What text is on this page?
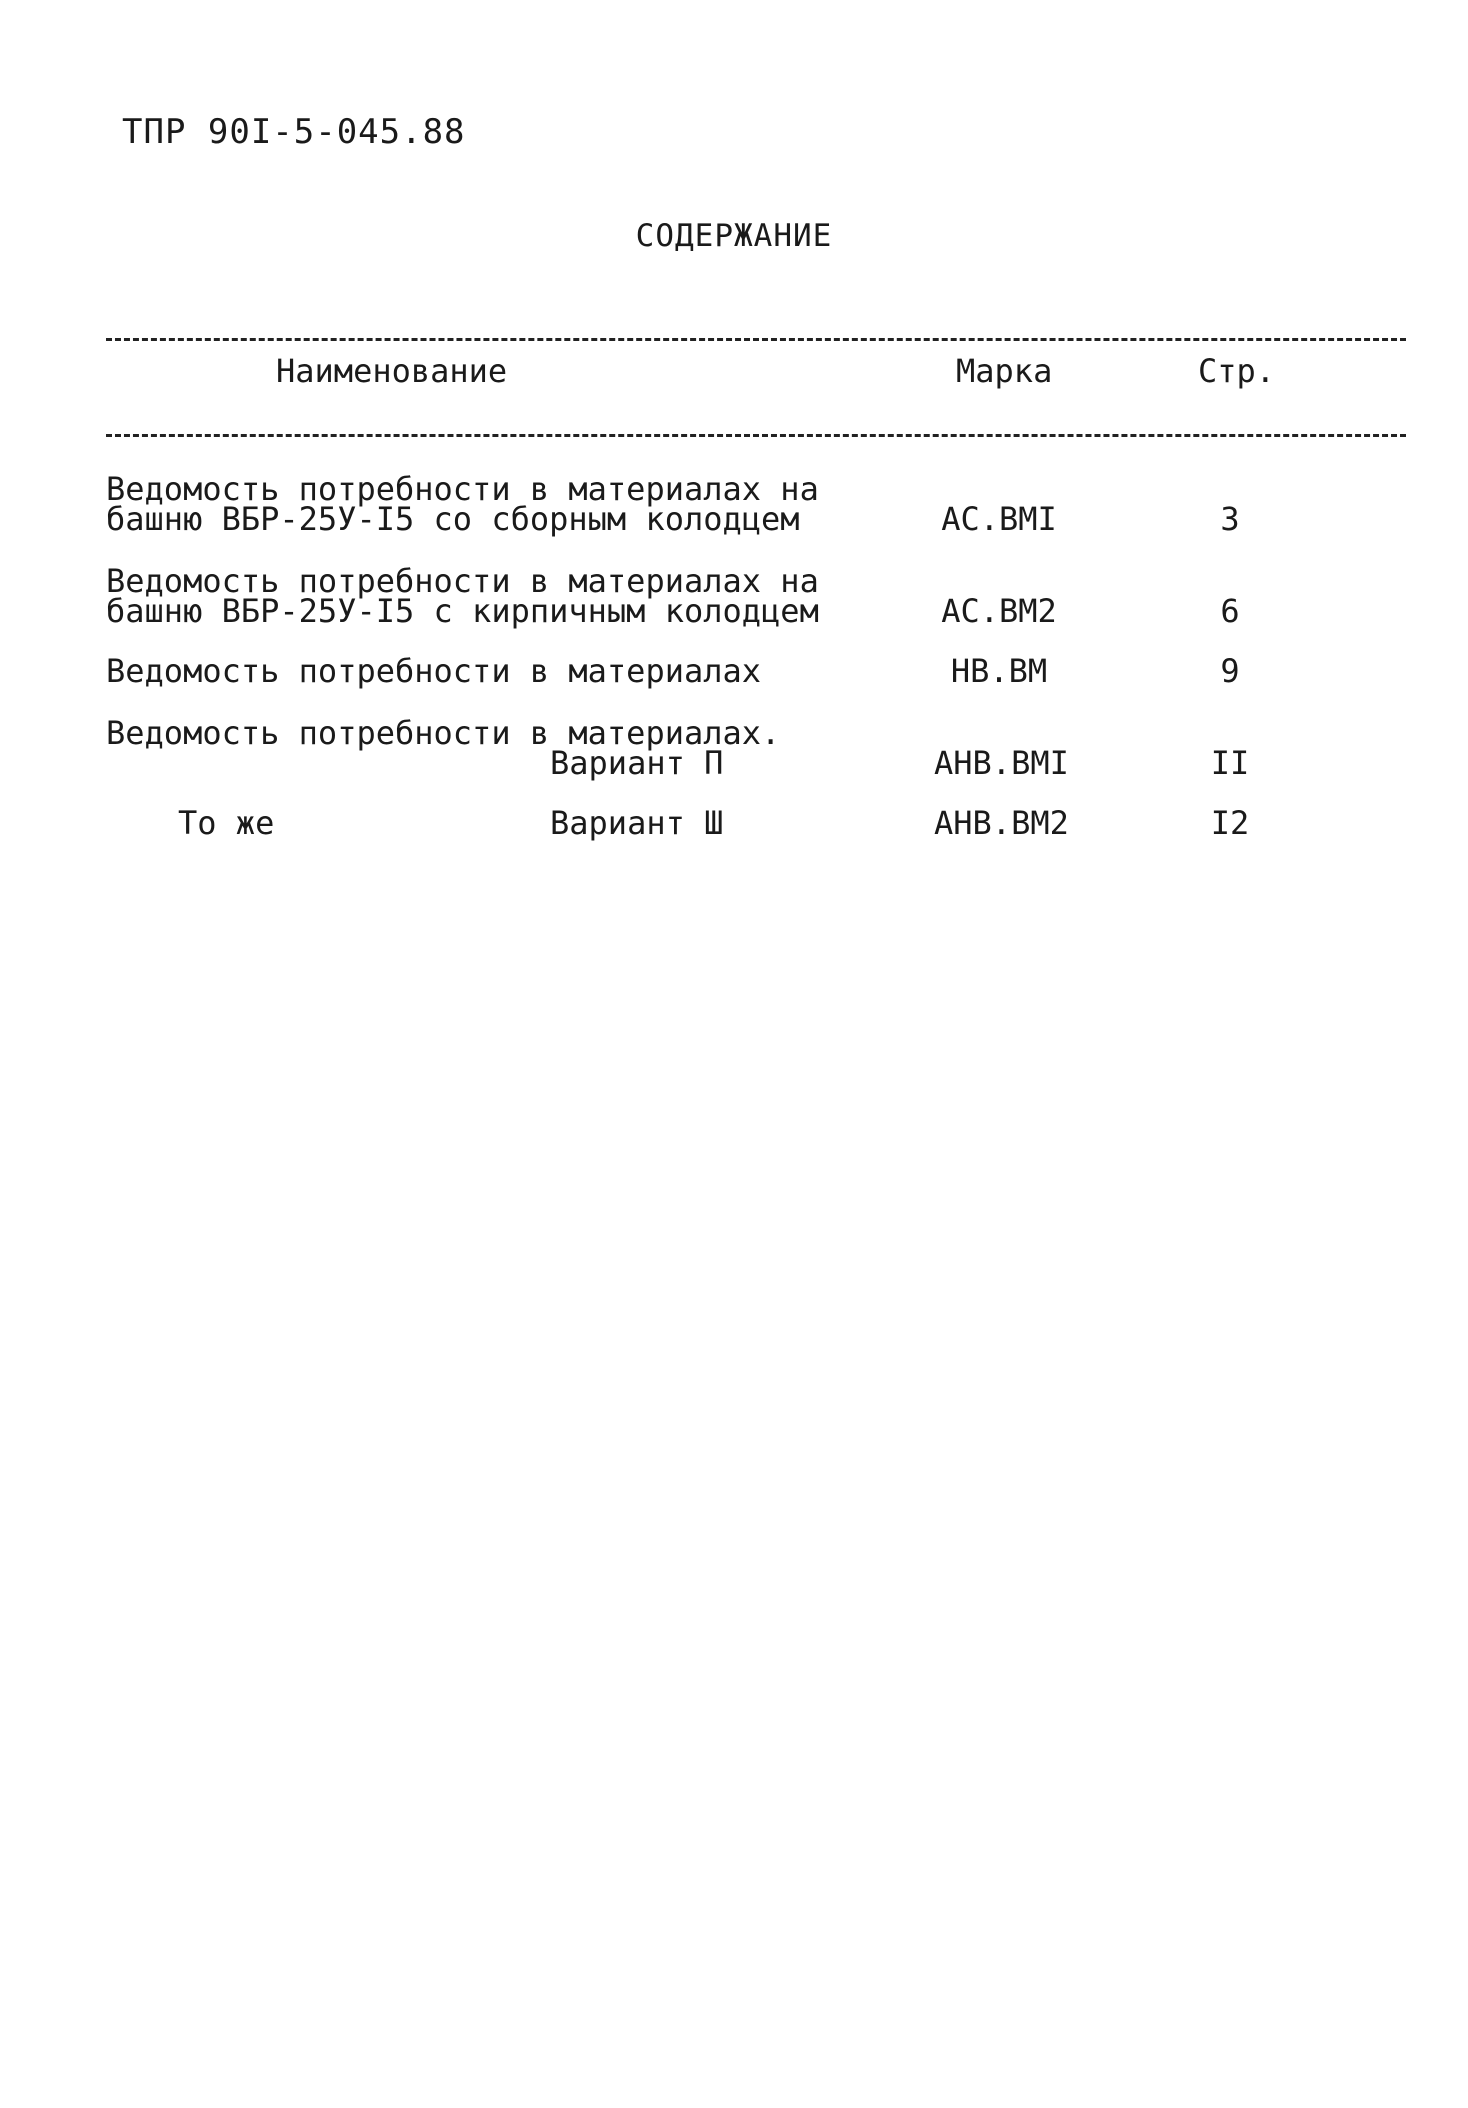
ТПР 90I-5-045.88
СОДЕРЖАНИЕ
Наименование	Марка	Стр.
Ведомость потребности в материалах на
башню ВБР-25У-I5 со сборным колодцем	АС.ВМI	3
Ведомость потребности в материалах на
башню ВБР-25У-I5 с кирпичным колодцем	АС.ВМ2	6
Ведомость потребности в материалах	НВ.ВМ	9
Ведомость потребности в материалах.
Вариант П	АНВ.ВМI	II
То же	Вариант Ш	АНВ.ВМ2	I2
